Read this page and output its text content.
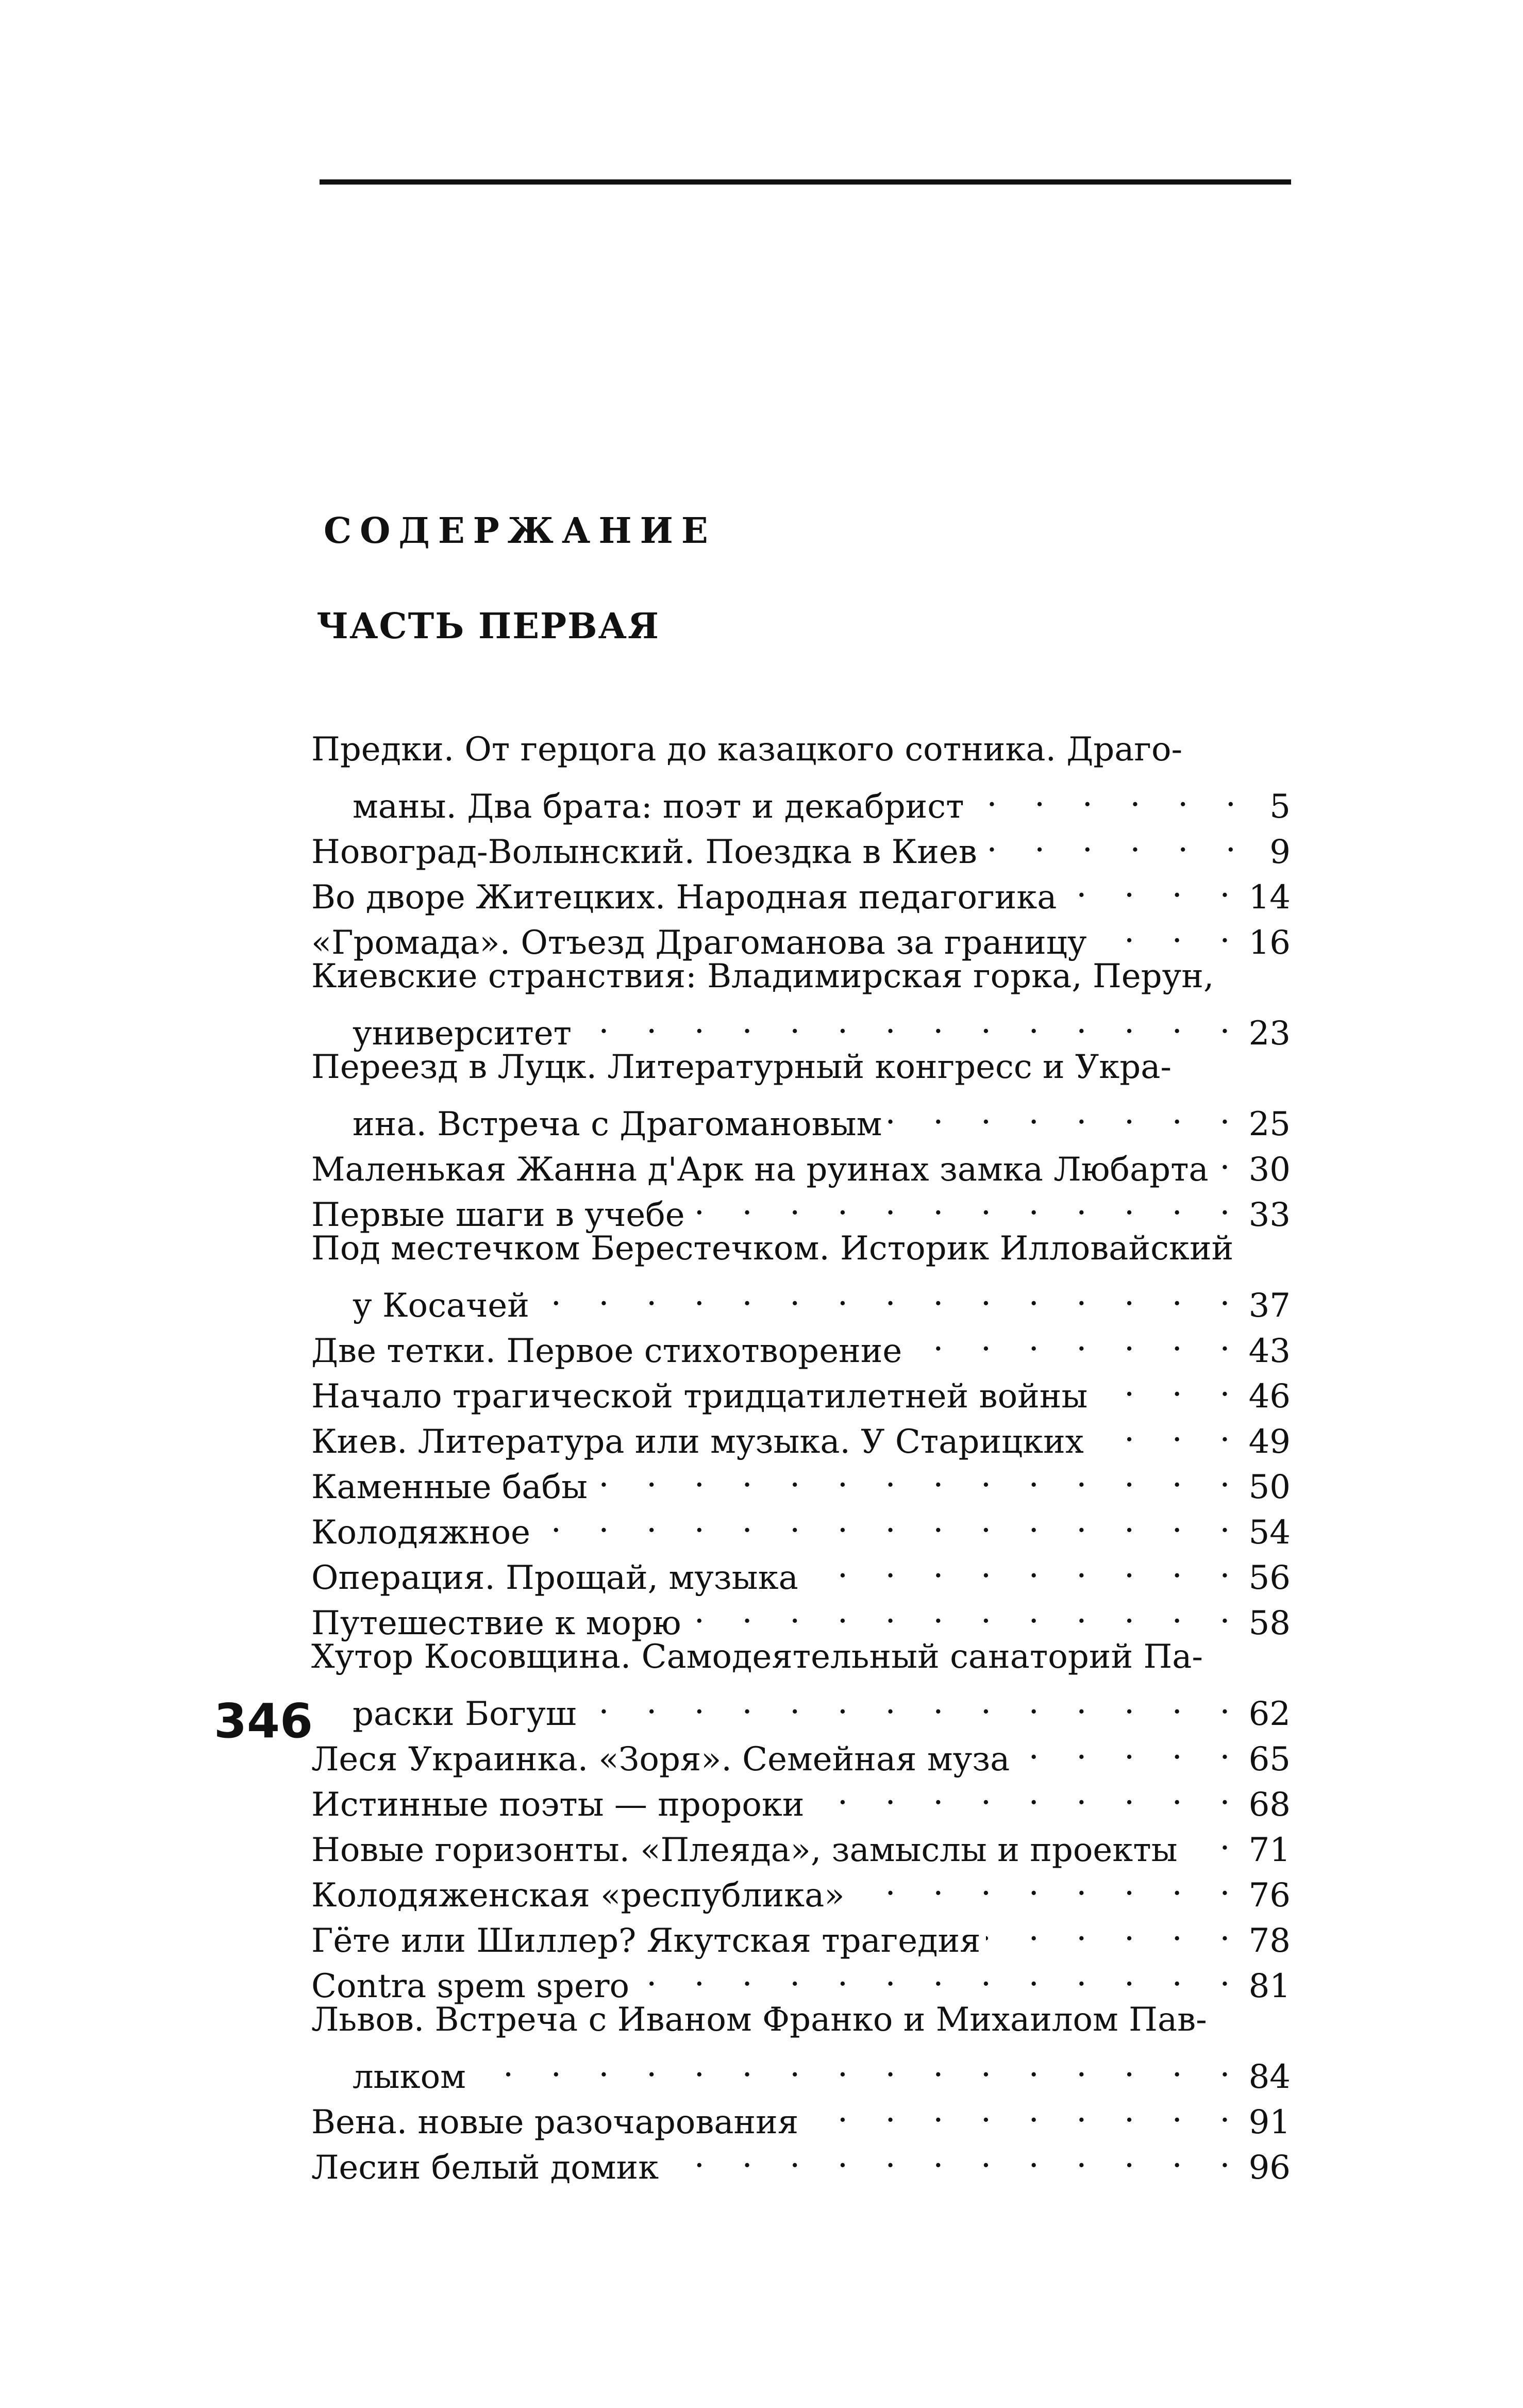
СОДЕРЖАНИЕ
ЧАСТЬ ПЕРВАЯ
Предки. От герцога до казацкого сотника. Драго-
маны. Два брата: поэт и декабрист . . .	5
Новоград-Волынский. Поездка в Киев . . .	9
Во дворе Житецких. Народная педагогика . . .	14
«Громада». Отъезд Драгоманова за границу . . .	16
Киевские странствия: Владимирская горка, Перун,
университет . . .	23
Переезд в Луцк. Литературный конгресс и Укра-
ина. Встреча с Драгомановым . . .	25
Маленькая Жанна д'Арк на руинах замка Любарта . . . 30
Первые шаги в учебе . . .	33
Под местечком Берестечком. Историк Илловайский
у Косачей . . .	37
Две тетки. Первое стихотворение . . .	43
Начало трагической тридцатилетней войны . . .	46
Киев. Литература или музыка. У Старицких . . .	49
Каменные бабы . . .	50
Колодяжное . . .	54
Операция. Прощай, музыка . . .	56
Путешествие к морю . . .	58
Хутор Косовщина. Самодеятельный санаторий Па-
раски Богуш . . .	62
Леся Украинка. «Зоря». Семейная муза . . .	65
Истинные поэты — пророки . . .	68
Новые горизонты. «Плеяда», замыслы и проекты . . . 71
Колодяженская «республика» . . .	76
Гёте или Шиллер? Якутская трагедия . . .	78
Contra spem spero . . .	81
Львов. Встреча с Иваном Франко и Михаилом Пав-
лыком . . .	84
Вена. новые разочарования . . .	91
Лесин белый домик . . .	96
346
